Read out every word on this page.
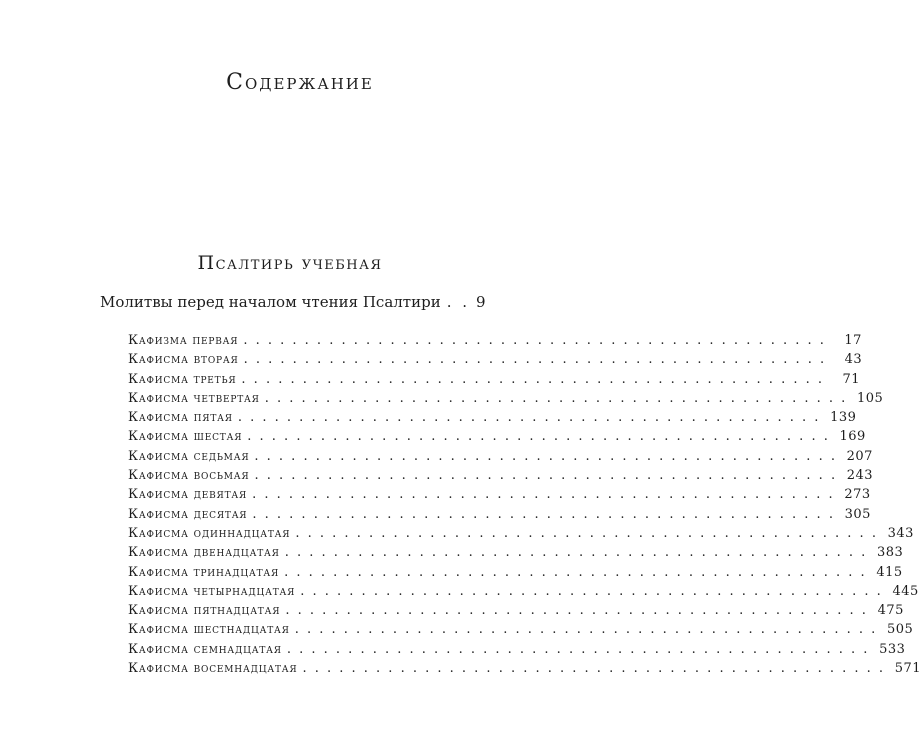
Содержание
Псалтирь учебная
Молитвы перед началом чтения Псалтири . . 9
Кафизма первая . . .	17
Кафисма вторая . . .	43
Кафисма третья . . .	71
Кафисма четвертая . . .	105
Кафисма пятая . . .	139
Кафисма шестая . . .	169
Кафисма седьмая . . .	207
Кафисма восьмая . . .	243
Кафисма девятая . . .	273
Кафисма десятая . . .	305
Кафисма одиннадцатая . . .	343
Кафисма двенадцатая . . .	383
Кафисма тринадцатая . . .	415
Кафисма четырнадцатая . . .	445
Кафисма пятнадцатая . . .	475
Кафисма шестнадцатая . . .	505
Кафисма семнадцатая . . .	533
Кафисма восемнадцатая . . .	571
